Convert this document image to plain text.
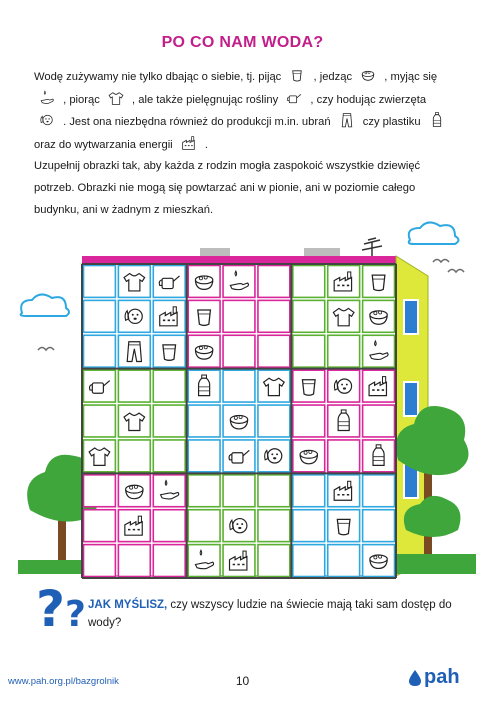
PO CO NAM WODA?
Wodę zużywamy nie tylko dbając o siebie, tj. pijąc	, jedząc	, myjąc się  , piorąc	, ale także pielęgnując rośliny	, czy hodując zwierzęta  . Jest ona niezbędna również do produkcji m.in. ubrań	czy plastiku  oraz do wytwarzania energii	.
Uzupełnij obrazki tak, aby każda z rodzin mogła zaspokoić wszystkie dziewięć potrzeb. Obrazki nie mogą się powtarzać ani w pionie, ani w poziomie całego budynku, ani w żadnym z mieszkań.
?? JAK MYŚLISZ, czy wszyscy ludzie na świecie mają taki sam dostęp do wody?
www.pah.org.pl/bazgrolnik	10	pah
